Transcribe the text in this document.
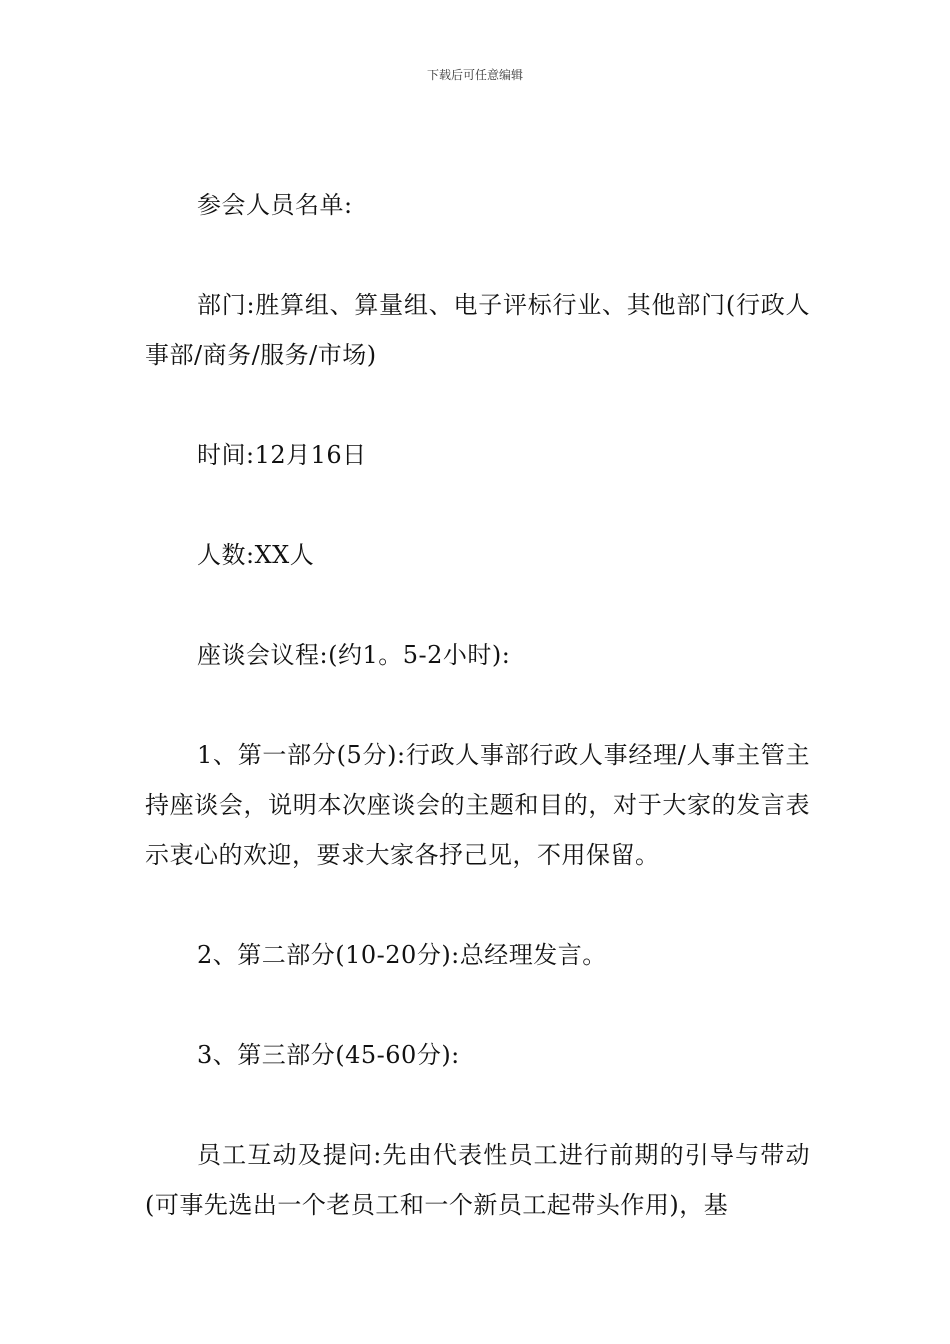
下载后可任意编辑

参会人员名单:

部门:胜算组、算量组、电子评标行业、其他部门(行政人事部/商务/服务/市场)

时间:12月16日

人数:XX人

座谈会议程:(约1。5-2小时):

1、第一部分(5分):行政人事部行政人事经理/人事主管主持座谈会，说明本次座谈会的主题和目的，对于大家的发言表示衷心的欢迎，要求大家各抒己见，不用保留。

2、第二部分(10-20分):总经理发言。

3、第三部分(45-60分):

员工互动及提问:先由代表性员工进行前期的引导与带动(可事先选出一个老员工和一个新员工起带头作用)，基
